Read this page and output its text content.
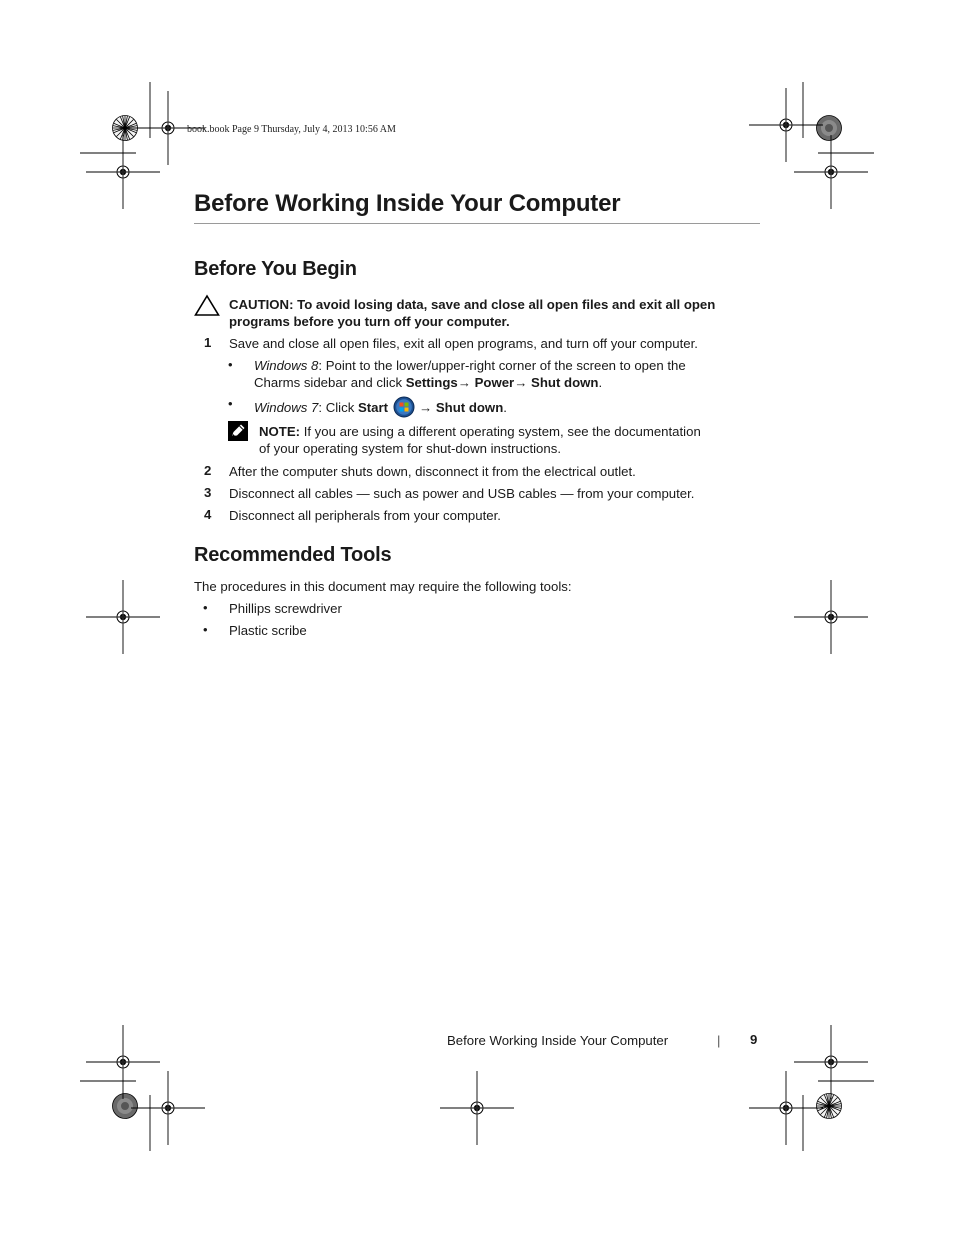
book.book Page 9 Thursday, July 4, 2013 10:56 AM
Before Working Inside Your Computer
Before You Begin
CAUTION: To avoid losing data, save and close all open files and exit all open
programs before you turn off your computer.
1 Save and close all open files, exit all open programs, and turn off your computer.
• Windows 8: Point to the lower/upper-right corner of the screen to open the
Charms sidebar and click Settings→ Power→ Shut down.
• Windows 7 : Click Start →
Shut down .
NOTE: If you are using a different operating system, see the documentation
of your operating system for shut-down instructions.
2 After the computer shuts down, disconnect it from the electrical outlet.
3 Disconnect all cables — such as power and USB cables — from your computer.
4 Disconnect all peripherals from your computer.
Recommended Tools
The procedures in this document may require the following tools:
• Phillips screwdriver
• Plastic scribe
Before Working Inside Your Computer	| 9
